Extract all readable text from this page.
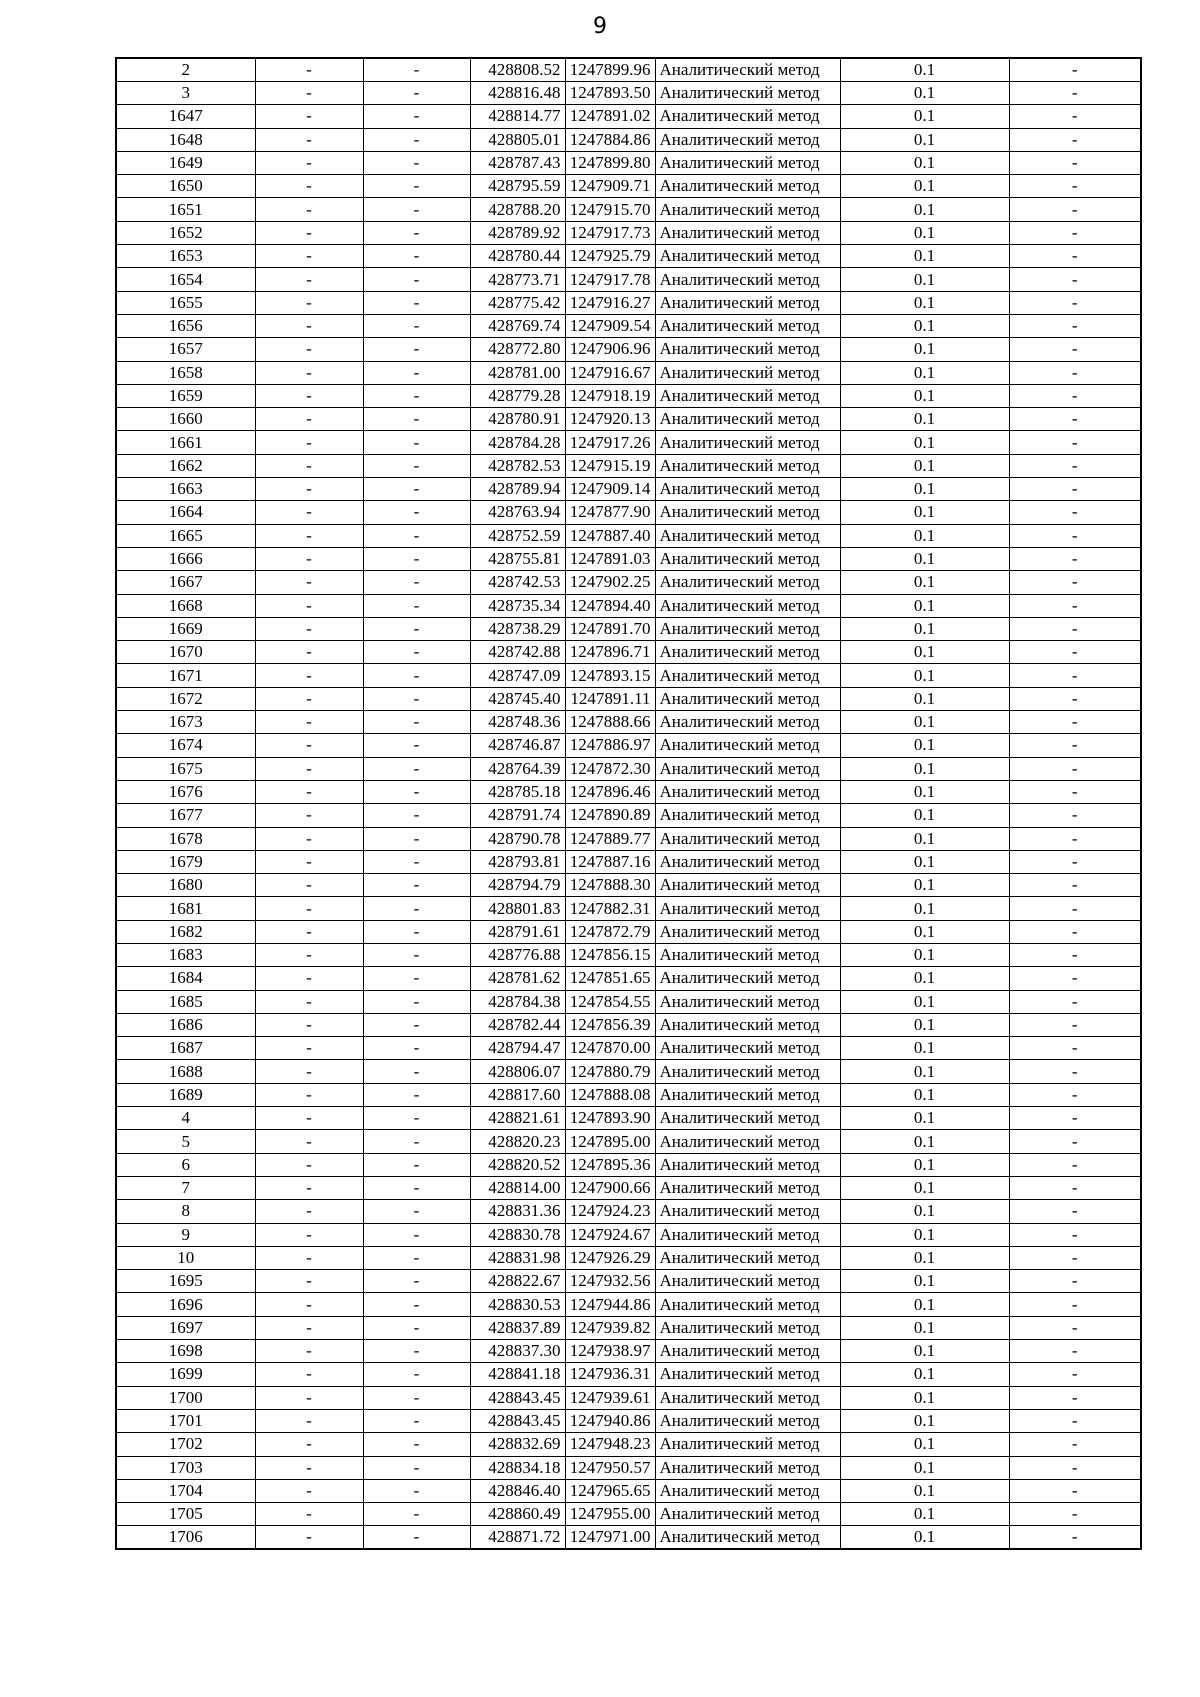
9
2	-	-	428808.52	1247899.96	Аналитический метод	0.1	-
3	-	-	428816.48	1247893.50	Аналитический метод	0.1	-
1647	-	-	428814.77	1247891.02	Аналитический метод	0.1	-
1648	-	-	428805.01	1247884.86	Аналитический метод	0.1	-
1649	-	-	428787.43	1247899.80	Аналитический метод	0.1	-
1650	-	-	428795.59	1247909.71	Аналитический метод	0.1	-
1651	-	-	428788.20	1247915.70	Аналитический метод	0.1	-
1652	-	-	428789.92	1247917.73	Аналитический метод	0.1	-
1653	-	-	428780.44	1247925.79	Аналитический метод	0.1	-
1654	-	-	428773.71	1247917.78	Аналитический метод	0.1	-
1655	-	-	428775.42	1247916.27	Аналитический метод	0.1	-
1656	-	-	428769.74	1247909.54	Аналитический метод	0.1	-
1657	-	-	428772.80	1247906.96	Аналитический метод	0.1	-
1658	-	-	428781.00	1247916.67	Аналитический метод	0.1	-
1659	-	-	428779.28	1247918.19	Аналитический метод	0.1	-
1660	-	-	428780.91	1247920.13	Аналитический метод	0.1	-
1661	-	-	428784.28	1247917.26	Аналитический метод	0.1	-
1662	-	-	428782.53	1247915.19	Аналитический метод	0.1	-
1663	-	-	428789.94	1247909.14	Аналитический метод	0.1	-
1664	-	-	428763.94	1247877.90	Аналитический метод	0.1	-
1665	-	-	428752.59	1247887.40	Аналитический метод	0.1	-
1666	-	-	428755.81	1247891.03	Аналитический метод	0.1	-
1667	-	-	428742.53	1247902.25	Аналитический метод	0.1	-
1668	-	-	428735.34	1247894.40	Аналитический метод	0.1	-
1669	-	-	428738.29	1247891.70	Аналитический метод	0.1	-
1670	-	-	428742.88	1247896.71	Аналитический метод	0.1	-
1671	-	-	428747.09	1247893.15	Аналитический метод	0.1	-
1672	-	-	428745.40	1247891.11	Аналитический метод	0.1	-
1673	-	-	428748.36	1247888.66	Аналитический метод	0.1	-
1674	-	-	428746.87	1247886.97	Аналитический метод	0.1	-
1675	-	-	428764.39	1247872.30	Аналитический метод	0.1	-
1676	-	-	428785.18	1247896.46	Аналитический метод	0.1	-
1677	-	-	428791.74	1247890.89	Аналитический метод	0.1	-
1678	-	-	428790.78	1247889.77	Аналитический метод	0.1	-
1679	-	-	428793.81	1247887.16	Аналитический метод	0.1	-
1680	-	-	428794.79	1247888.30	Аналитический метод	0.1	-
1681	-	-	428801.83	1247882.31	Аналитический метод	0.1	-
1682	-	-	428791.61	1247872.79	Аналитический метод	0.1	-
1683	-	-	428776.88	1247856.15	Аналитический метод	0.1	-
1684	-	-	428781.62	1247851.65	Аналитический метод	0.1	-
1685	-	-	428784.38	1247854.55	Аналитический метод	0.1	-
1686	-	-	428782.44	1247856.39	Аналитический метод	0.1	-
1687	-	-	428794.47	1247870.00	Аналитический метод	0.1	-
1688	-	-	428806.07	1247880.79	Аналитический метод	0.1	-
1689	-	-	428817.60	1247888.08	Аналитический метод	0.1	-
4	-	-	428821.61	1247893.90	Аналитический метод	0.1	-
5	-	-	428820.23	1247895.00	Аналитический метод	0.1	-
6	-	-	428820.52	1247895.36	Аналитический метод	0.1	-
7	-	-	428814.00	1247900.66	Аналитический метод	0.1	-
8	-	-	428831.36	1247924.23	Аналитический метод	0.1	-
9	-	-	428830.78	1247924.67	Аналитический метод	0.1	-
10	-	-	428831.98	1247926.29	Аналитический метод	0.1	-
1695	-	-	428822.67	1247932.56	Аналитический метод	0.1	-
1696	-	-	428830.53	1247944.86	Аналитический метод	0.1	-
1697	-	-	428837.89	1247939.82	Аналитический метод	0.1	-
1698	-	-	428837.30	1247938.97	Аналитический метод	0.1	-
1699	-	-	428841.18	1247936.31	Аналитический метод	0.1	-
1700	-	-	428843.45	1247939.61	Аналитический метод	0.1	-
1701	-	-	428843.45	1247940.86	Аналитический метод	0.1	-
1702	-	-	428832.69	1247948.23	Аналитический метод	0.1	-
1703	-	-	428834.18	1247950.57	Аналитический метод	0.1	-
1704	-	-	428846.40	1247965.65	Аналитический метод	0.1	-
1705	-	-	428860.49	1247955.00	Аналитический метод	0.1	-
1706	-	-	428871.72	1247971.00	Аналитический метод	0.1	-
